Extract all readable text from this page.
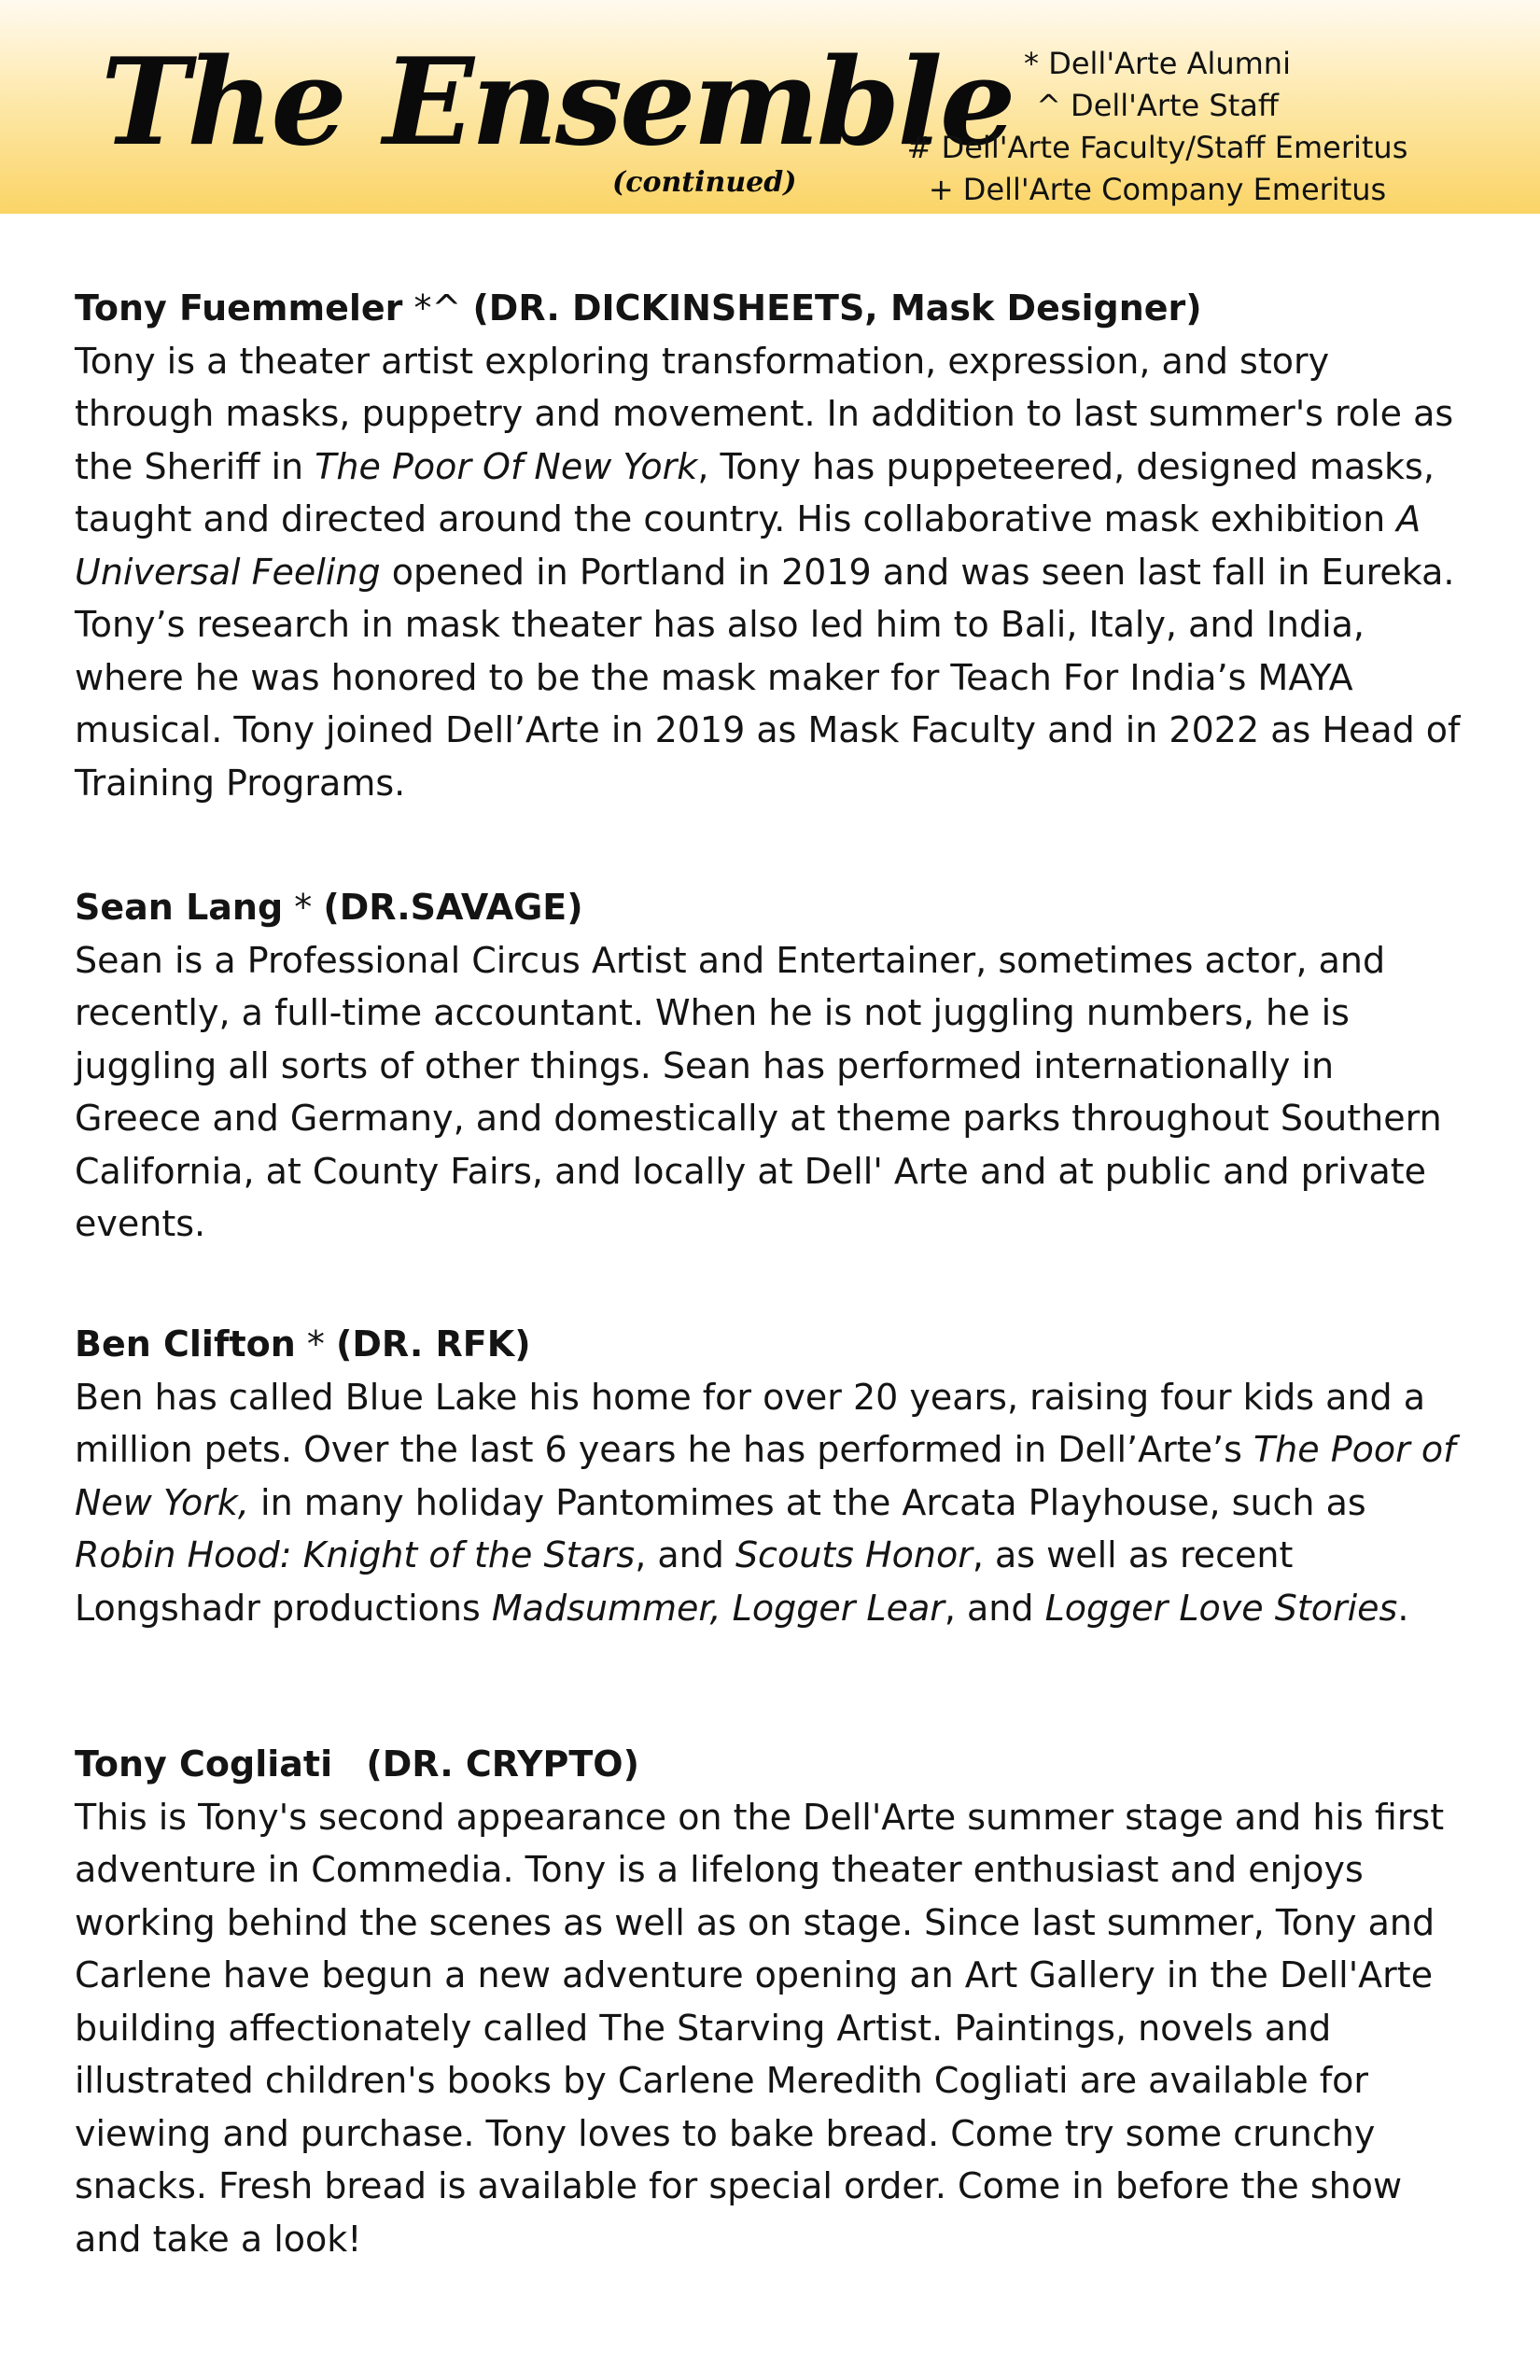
The Ensemble
(continued)
* Dell'Arte Alumni
^ Dell'Arte Staff
# Dell'Arte Faculty/Staff Emeritus
+ Dell'Arte Company Emeritus
Tony Fuemmeler *^ (DR. DICKINSHEETS, Mask Designer)

Tony is a theater artist exploring transformation, expression, and story through masks, puppetry and movement. In addition to last summer's role as the Sheriff in The Poor Of New York, Tony has puppeteered, designed masks, taught and directed around the country. His collaborative mask exhibition A Universal Feeling opened in Portland in 2019 and was seen last fall in Eureka. Tony’s research in mask theater has also led him to Bali, Italy, and India, where he was honored to be the mask maker for Teach For India’s MAYA musical. Tony joined Dell’Arte in 2019 as Mask Faculty and in 2022 as Head of Training Programs.

Sean Lang * (DR.SAVAGE)

Sean is a Professional Circus Artist and Entertainer, sometimes actor, and recently, a full-time accountant. When he is not juggling numbers, he is juggling all sorts of other things. Sean has performed internationally in Greece and Germany, and domestically at theme parks throughout Southern California, at County Fairs, and locally at Dell' Arte and at public and private events.

Ben Clifton * (DR. RFK)

Ben has called Blue Lake his home for over 20 years, raising four kids and a million pets. Over the last 6 years he has performed in Dell’Arte’s The Poor of New York, in many holiday Pantomimes at the Arcata Playhouse, such as Robin Hood: Knight of the Stars, and Scouts Honor, as well as recent Longshadr productions Madsummer, Logger Lear, and Logger Love Stories.

Tony Cogliati (DR. CRYPTO)

This is Tony's second appearance on the Dell'Arte summer stage and his first adventure in Commedia. Tony is a lifelong theater enthusiast and enjoys working behind the scenes as well as on stage. Since last summer, Tony and Carlene have begun a new adventure opening an Art Gallery in the Dell'Arte building affectionately called The Starving Artist. Paintings, novels and illustrated children's books by Carlene Meredith Cogliati are available for viewing and purchase. Tony loves to bake bread. Come try some crunchy snacks. Fresh bread is available for special order. Come in before the show and take a look!
